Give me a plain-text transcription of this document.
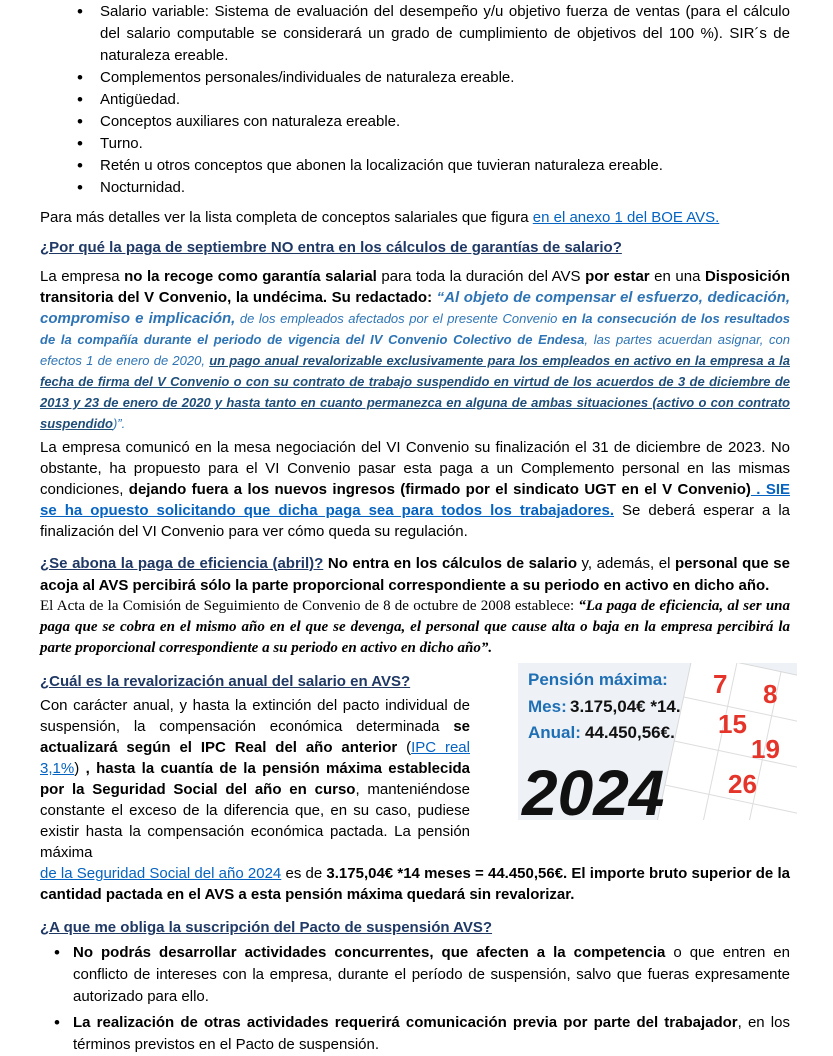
• Salario variable: Sistema de evaluación del desempeño y/u objetivo fuerza de ventas (para el cálculo del salario computable se considerará un grado de cumplimiento de objetivos del 100 %). SIR´s de naturaleza ereable.
• Complementos personales/individuales de naturaleza ereable.
• Antigüedad.
• Conceptos auxiliares con naturaleza ereable.
• Turno.
• Retén u otros conceptos que abonen la localización que tuvieran naturaleza ereable.
• Nocturnidad.

Para más detalles ver la lista completa de conceptos salariales que figura en el anexo 1 del BOE AVS.

¿Por qué la paga de septiembre NO entra en los cálculos de garantías de salario?

La empresa no la recoge como garantía salarial para toda la duración del AVS por estar en una Disposición transitoria del V Convenio, la undécima. Su redactado: “Al objeto de compensar el esfuerzo, dedicación, compromiso e implicación, de los empleados afectados por el presente Convenio en la consecución de los resultados de la compañía durante el periodo de vigencia del IV Convenio Colectivo de Endesa, las partes acuerdan asignar, con efectos 1 de enero de 2020, un pago anual revalorizable exclusivamente para los empleados en activo en la empresa a la fecha de firma del V Convenio o con su contrato de trabajo suspendido en virtud de los acuerdos de 3 de diciembre de 2013 y 23 de enero de 2020 y hasta tanto en cuanto permanezca en alguna de ambas situaciones (activo o con contrato suspendido)”.

La empresa comunicó en la mesa negociación del VI Convenio su finalización el 31 de diciembre de 2023. No obstante, ha propuesto para el VI Convenio pasar esta paga a un Complemento personal en las mismas condiciones, dejando fuera a los nuevos ingresos (firmado por el sindicato UGT en el V Convenio) . SIE se ha opuesto solicitando que dicha paga sea para todos los trabajadores. Se deberá esperar a la finalización del VI Convenio para ver cómo queda su regulación.

¿Se abona la paga de eficiencia (abril)? No entra en los cálculos de salario y, además, el personal que se acoja al AVS percibirá sólo la parte proporcional correspondiente a su periodo en activo en dicho año.

El Acta de la Comisión de Seguimiento de Convenio de 8 de octubre de 2008 establece: “La paga de eficiencia, al ser una paga que se cobra en el mismo año en el que se devenga, el personal que cause alta o baja en la empresa percibirá la parte proporcional correspondiente a su periodo en activo en dicho año”.

¿Cuál es la revalorización anual del salario en AVS?

Con carácter anual, y hasta la extinción del pacto individual de suspensión, la compensación económica determinada se actualizará según el IPC Real del año anterior (IPC real 3,1%) , hasta la cuantía de la pensión máxima establecida por la Seguridad Social del año en curso, manteniéndose constante el exceso de la diferencia que, en su caso, pudiese existir hasta la compensación económica pactada. La pensión máxima

de la Seguridad Social del año 2024 es de 3.175,04€ *14 meses = 44.450,56€. El importe bruto superior de la cantidad pactada en el AVS a esta pensión máxima quedará sin revalorizar.

¿A que me obliga la suscripción del Pacto de suspensión AVS?
• No podrás desarrollar actividades concurrentes, que afecten a la competencia o que entren en conflicto de intereses con la empresa, durante el período de suspensión, salvo que fueras expresamente autorizado para ello.
• La realización de otras actividades requerirá comunicación previa por parte del trabajador, en los términos previstos en el Pacto de suspensión.
7 8
15
19
26
Pensión máxima:
Mes: 3.175,04€ *14.
Anual: 44.450,56€.
2024
